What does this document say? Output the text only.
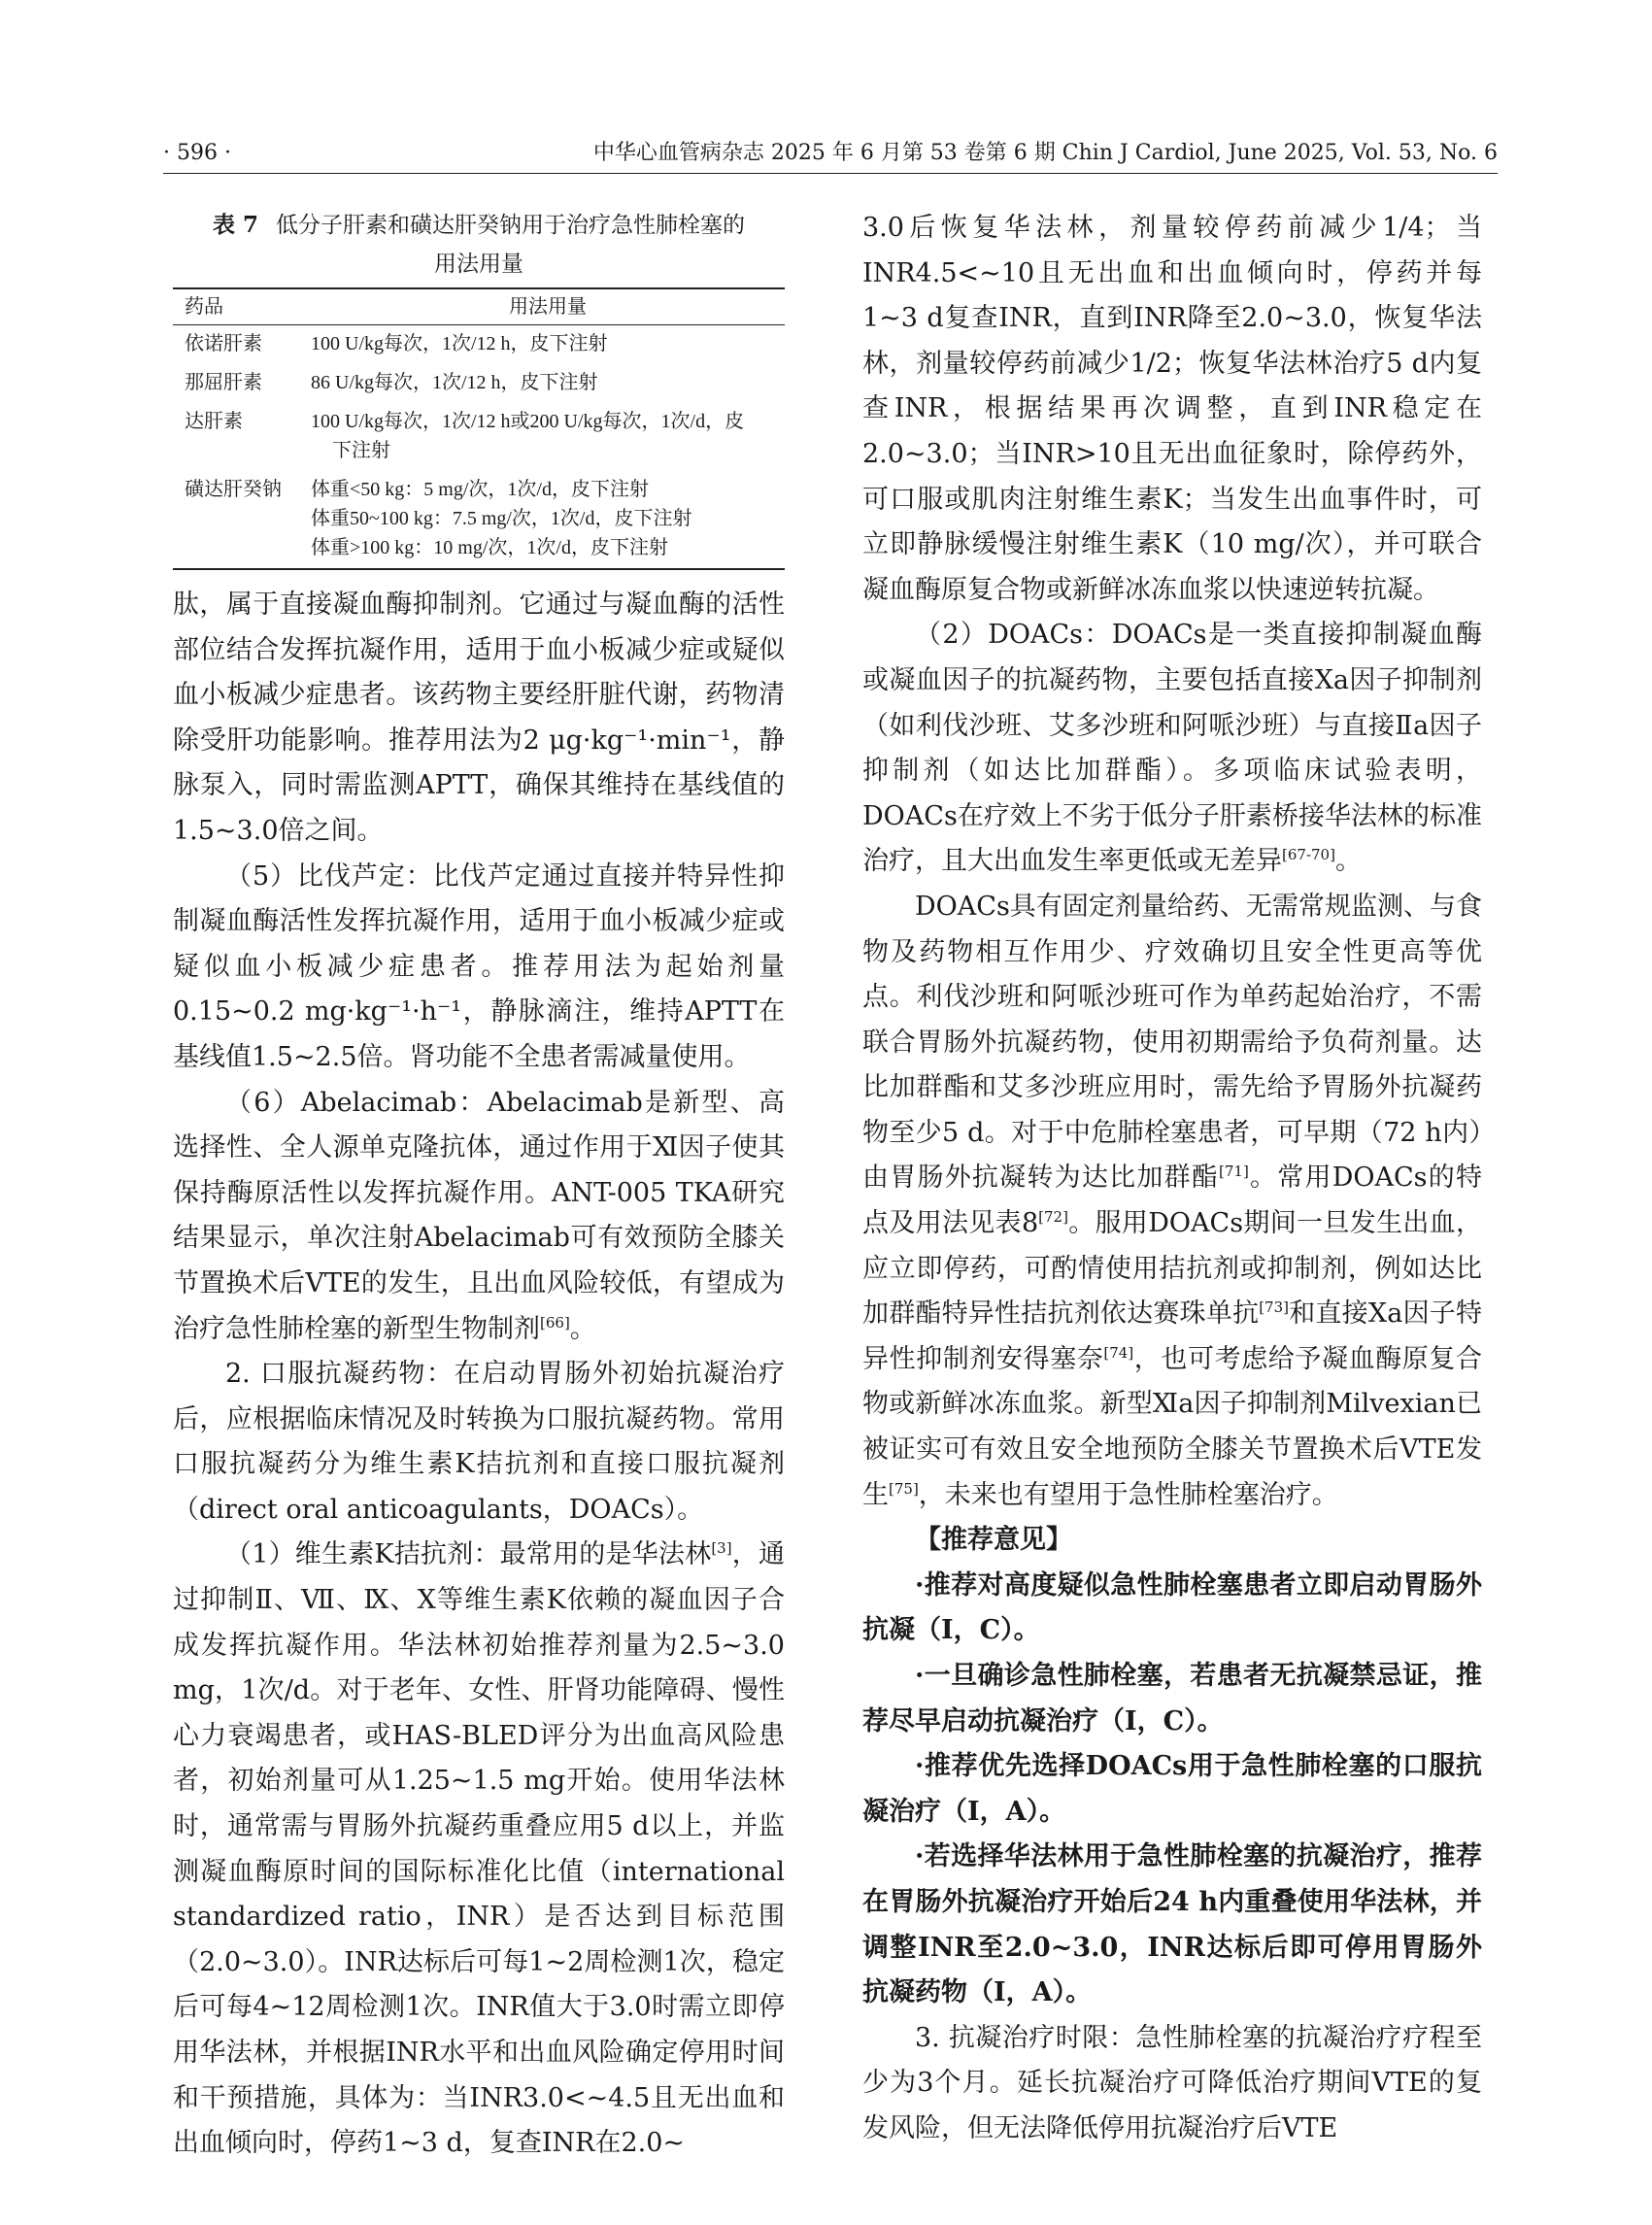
· 596 ·	中华心血管病杂志 2025 年 6 月第 53 卷第 6 期 Chin J Cardiol, June 2025, Vol. 53, No. 6
表 7 低分子肝素和磺达肝癸钠用于治疗急性肺栓塞的
用法用量
药品	用法用量
依诺肝素	100 U/kg每次，1次/12 h，皮下注射

那屈肝素	86 U/kg每次，1次/12 h，皮下注射

达肝素	100 U/kg每次，1次/12 h或200 U/kg每次，1次/d，皮
下注射

磺达肝癸钠	体重<50 kg：5 mg/次，1次/d，皮下注射
体重50~100 kg：7.5 mg/次，1次/d，皮下注射
体重>100 kg：10 mg/次，1次/d，皮下注射

肽，属于直接凝血酶抑制剂。它通过与凝血酶的活性部位结合发挥抗凝作用，适用于血小板减少症或疑似血小板减少症患者。该药物主要经肝脏代谢，药物清除受肝功能影响。推荐用法为2 μg·kg⁻¹·min⁻¹，静脉泵入，同时需监测APTT，确保其维持在基线值的1.5~3.0倍之间。

（5）比伐芦定：比伐芦定通过直接并特异性抑制凝血酶活性发挥抗凝作用，适用于血小板减少症或疑似血小板减少症患者。推荐用法为起始剂量0.15~0.2 mg·kg⁻¹·h⁻¹，静脉滴注，维持APTT在基线值1.5~2.5倍。肾功能不全患者需减量使用。

（6）Abelacimab：Abelacimab是新型、高选择性、全人源单克隆抗体，通过作用于Ⅺ因子使其保持酶原活性以发挥抗凝作用。ANT-005 TKA研究结果显示，单次注射Abelacimab可有效预防全膝关节置换术后VTE的发生，且出血风险较低，有望成为治疗急性肺栓塞的新型生物制剂[66]。

2. 口服抗凝药物：在启动胃肠外初始抗凝治疗后，应根据临床情况及时转换为口服抗凝药物。常用口服抗凝药分为维生素K拮抗剂和直接口服抗凝剂（direct oral anticoagulants，DOACs）。

（1）维生素K拮抗剂：最常用的是华法林[3]，通过抑制Ⅱ、Ⅶ、Ⅸ、Ⅹ等维生素K依赖的凝血因子合成发挥抗凝作用。华法林初始推荐剂量为2.5~3.0 mg，1次/d。对于老年、女性、肝肾功能障碍、慢性心力衰竭患者，或HAS-BLED评分为出血高风险患者，初始剂量可从1.25~1.5 mg开始。使用华法林时，通常需与胃肠外抗凝药重叠应用5 d以上，并监测凝血酶原时间的国际标准化比值（international standardized ratio，INR）是否达到目标范围（2.0~3.0）。INR达标后可每1~2周检测1次，稳定后可每4~12周检测1次。INR值大于3.0时需立即停用华法林，并根据INR水平和出血风险确定停用时间和干预措施，具体为：当INR3.0<~4.5且无出血和出血倾向时，停药1~3 d，复查INR在2.0~

3.0后恢复华法林，剂量较停药前减少1/4；当INR4.5<~10且无出血和出血倾向时，停药并每1~3 d复查INR，直到INR降至2.0~3.0，恢复华法林，剂量较停药前减少1/2；恢复华法林治疗5 d内复查INR，根据结果再次调整，直到INR稳定在2.0~3.0；当INR>10且无出血征象时，除停药外，可口服或肌肉注射维生素K；当发生出血事件时，可立即静脉缓慢注射维生素K（10 mg/次），并可联合凝血酶原复合物或新鲜冰冻血浆以快速逆转抗凝。

（2）DOACs：DOACs是一类直接抑制凝血酶或凝血因子的抗凝药物，主要包括直接Xa因子抑制剂（如利伐沙班、艾多沙班和阿哌沙班）与直接Ⅱa因子抑制剂（如达比加群酯）。多项临床试验表明，DOACs在疗效上不劣于低分子肝素桥接华法林的标准治疗，且大出血发生率更低或无差异[67-70]。

DOACs具有固定剂量给药、无需常规监测、与食物及药物相互作用少、疗效确切且安全性更高等优点。利伐沙班和阿哌沙班可作为单药起始治疗，不需联合胃肠外抗凝药物，使用初期需给予负荷剂量。达比加群酯和艾多沙班应用时，需先给予胃肠外抗凝药物至少5 d。对于中危肺栓塞患者，可早期（72 h内）由胃肠外抗凝转为达比加群酯[71]。常用DOACs的特点及用法见表8[72]。服用DOACs期间一旦发生出血，应立即停药，可酌情使用拮抗剂或抑制剂，例如达比加群酯特异性拮抗剂依达赛珠单抗[73]和直接Ⅹa因子特异性抑制剂安得塞奈[74]，也可考虑给予凝血酶原复合物或新鲜冰冻血浆。新型Ⅺa因子抑制剂Milvexian已被证实可有效且安全地预防全膝关节置换术后VTE发生[75]，未来也有望用于急性肺栓塞治疗。

【推荐意见】

·推荐对高度疑似急性肺栓塞患者立即启动胃肠外抗凝（Ⅰ，C）。

·一旦确诊急性肺栓塞，若患者无抗凝禁忌证，推荐尽早启动抗凝治疗（Ⅰ，C）。

·推荐优先选择DOACs用于急性肺栓塞的口服抗凝治疗（Ⅰ，A）。

·若选择华法林用于急性肺栓塞的抗凝治疗，推荐在胃肠外抗凝治疗开始后24 h内重叠使用华法林，并调整INR至2.0~3.0，INR达标后即可停用胃肠外抗凝药物（Ⅰ，A）。

3. 抗凝治疗时限：急性肺栓塞的抗凝治疗疗程至少为3个月。延长抗凝治疗可降低治疗期间VTE的复发风险，但无法降低停用抗凝治疗后VTE
